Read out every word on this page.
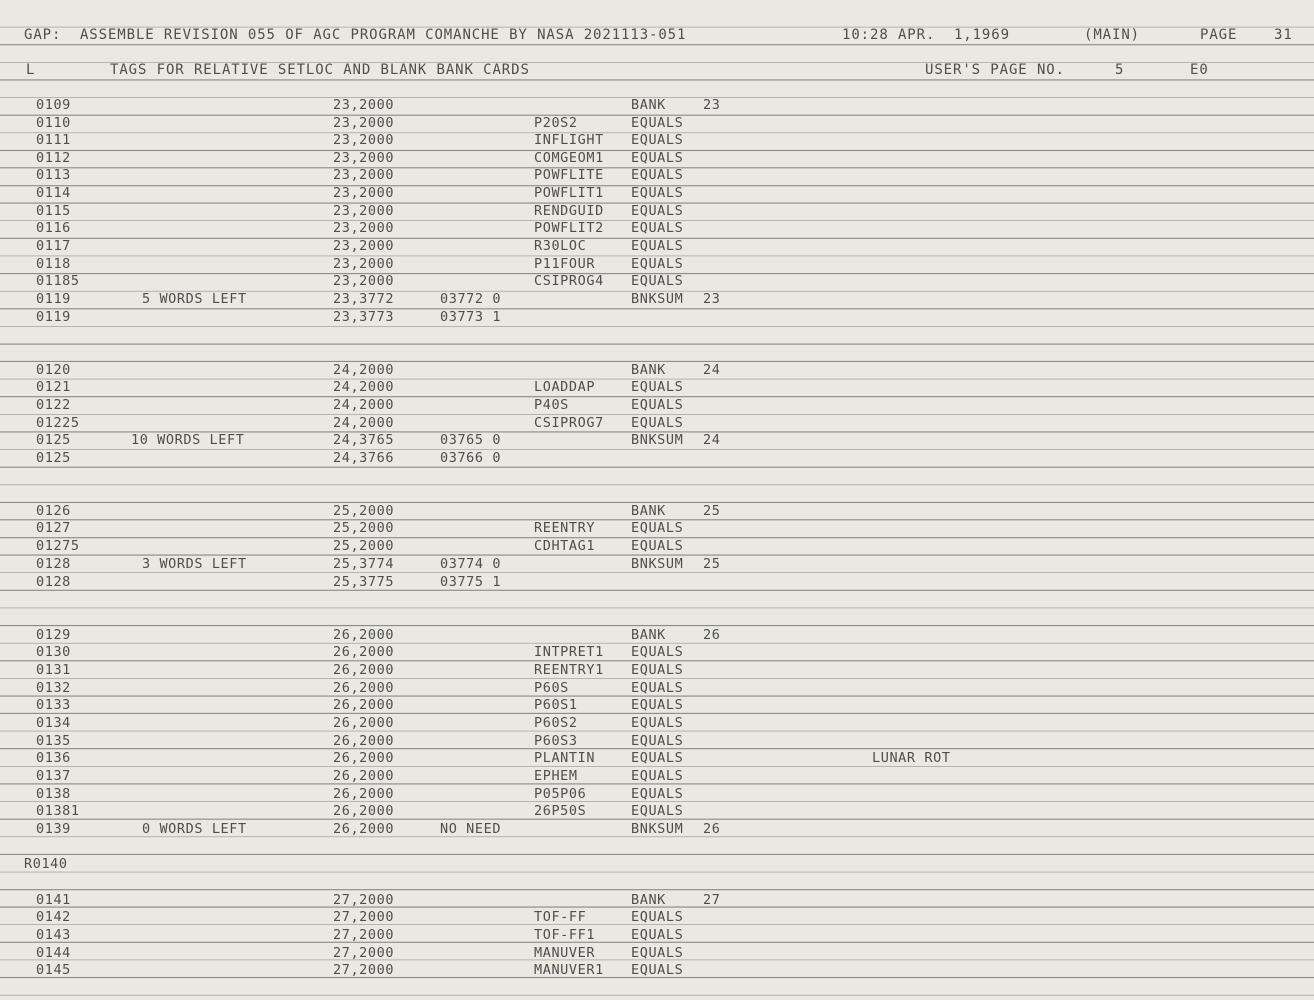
GAP:  ASSEMBLE REVISION 055 OF AGC PROGRAM COMANCHE BY NASA 2021113-051	10:28 APR.  1,1969	(MAIN)	PAGE	31
L	TAGS FOR RELATIVE SETLOC AND BLANK BANK CARDS	USER'S PAGE NO.	5	E0
0109	23,2000	BANK	23
0110	23,2000	P20S2	EQUALS
0111	23,2000	INFLIGHT EQUALS
0112	23,2000	COMGEOM1 EQUALS
0113	23,2000	POWFLITE EQUALS
0114	23,2000	POWFLIT1 EQUALS
0115	23,2000	RENDGUID EQUALS
0116	23,2000	POWFLIT2 EQUALS
0117	23,2000	R30LOC	EQUALS
0118	23,2000	P11FOUR	EQUALS
01185	23,2000	CSIPROG4 EQUALS
0119	5 WORDS LEFT	23,3772	03772 0	BNKSUM 23
0119	23,3773	03773 1
0120	24,2000	BANK	24
0121	24,2000	LOADDAP	EQUALS
0122	24,2000	P40S	EQUALS
01225	24,2000	CSIPROG7 EQUALS
0125	10 WORDS LEFT	24,3765	03765 0	BNKSUM 24
0125	24,3766	03766 0
0126	25,2000	BANK	25
0127	25,2000	REENTRY	EQUALS
01275	25,2000	CDHTAG1	EQUALS
0128	3 WORDS LEFT	25,3774	03774 0	BNKSUM 25
0128	25,3775	03775 1
0129	26,2000	BANK	26
0130	26,2000	INTPRET1 EQUALS
0131	26,2000	REENTRY1 EQUALS
0132	26,2000	P60S	EQUALS
0133	26,2000	P60S1	EQUALS
0134	26,2000	P60S2	EQUALS
0135	26,2000	P60S3	EQUALS
0136	26,2000	PLANTIN	EQUALS	LUNAR ROT
0137	26,2000	EPHEM	EQUALS
0138	26,2000	P05P06	EQUALS
01381	26,2000	26P50S	EQUALS
0139	0 WORDS LEFT	26,2000	NO NEED	BNKSUM 26
R0140
0141	27,2000	BANK	27
0142	27,2000	TOF-FF	EQUALS
0143	27,2000	TOF-FF1	EQUALS
0144	27,2000	MANUVER	EQUALS
0145	27,2000	MANUVER1 EQUALS
